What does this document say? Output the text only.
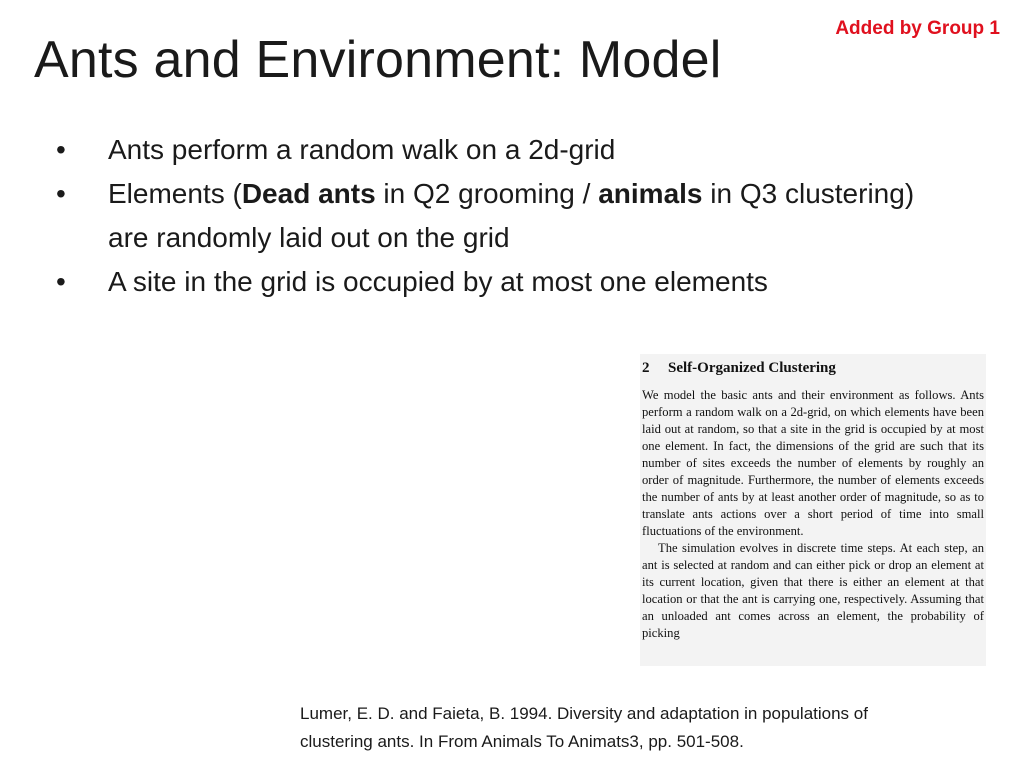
Added by Group 1
Ants and Environment: Model
• Ants perform a random walk on a 2d-grid
• Elements (Dead ants in Q2 grooming / animals in Q3 clustering) are randomly laid out on the grid
• A site in the grid is occupied by at most one elements
2 Self-Organized Clustering

We model the basic ants and their environment as follows. Ants perform a random walk on a 2d-grid, on which elements have been laid out at random, so that a site in the grid is occupied by at most one element. In fact, the dimensions of the grid are such that its number of sites exceeds the number of elements by roughly an order of magnitude. Furthermore, the number of elements exceeds the number of ants by at least another order of magnitude, so as to translate ants actions over a short period of time into small fluctuations of the environment.

The simulation evolves in discrete time steps. At each step, an ant is selected at random and can either pick or drop an element at its current location, given that there is either an element at that location or that the ant is carrying one, respectively. Assuming that an unloaded ant comes across an element, the probability of picking

Lumer, E. D. and Faieta, B. 1994. Diversity and adaptation in populations of
clustering ants. In From Animals To Animats3, pp. 501-508.
